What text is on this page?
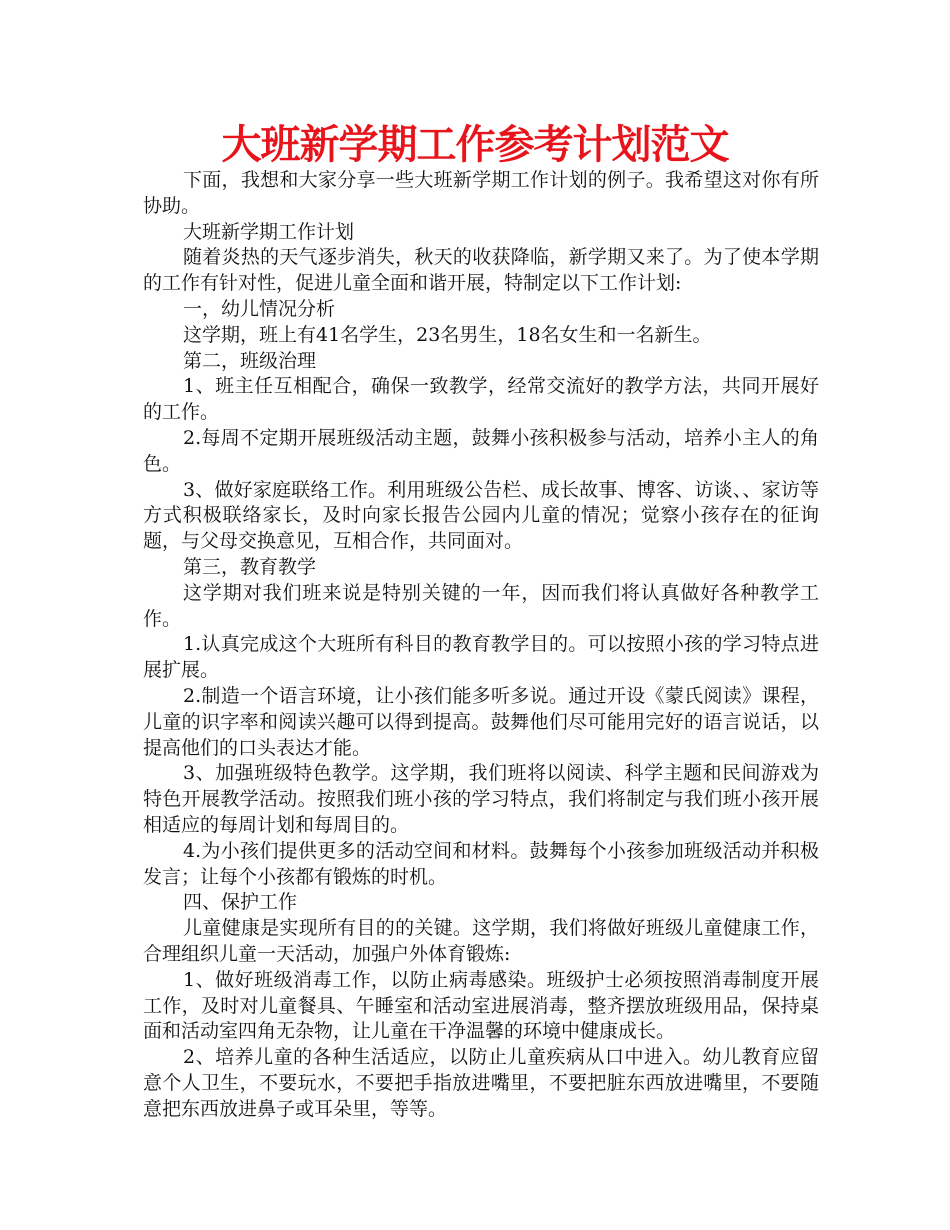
大班新学期工作参考计划范文

下面，我想和大家分享一些大班新学期工作计划的例子。我希望这对你有所协助。

大班新学期工作计划

随着炎热的天气逐步消失，秋天的收获降临，新学期又来了。为了使本学期的工作有针对性，促进儿童全面和谐开展，特制定以下工作计划:

一，幼儿情况分析

这学期，班上有41名学生，23名男生，18名女生和一名新生。

第二，班级治理

1、班主任互相配合，确保一致教学，经常交流好的教学方法，共同开展好的工作。

2.每周不定期开展班级活动主题，鼓舞小孩积极参与活动，培养小主人的角色。

3、做好家庭联络工作。利用班级公告栏、成长故事、博客、访谈、、家访等方式积极联络家长，及时向家长报告公园内儿童的情况；觉察小孩存在的征询题，与父母交换意见，互相合作，共同面对。

第三，教育教学

这学期对我们班来说是特别关键的一年，因而我们将认真做好各种教学工作。

1.认真完成这个大班所有科目的教育教学目的。可以按照小孩的学习特点进展扩展。

2.制造一个语言环境，让小孩们能多听多说。通过开设《蒙氏阅读》课程，儿童的识字率和阅读兴趣可以得到提高。鼓舞他们尽可能用完好的语言说话，以提高他们的口头表达才能。

3、加强班级特色教学。这学期，我们班将以阅读、科学主题和民间游戏为特色开展教学活动。按照我们班小孩的学习特点，我们将制定与我们班小孩开展相适应的每周计划和每周目的。

4.为小孩们提供更多的活动空间和材料。鼓舞每个小孩参加班级活动并积极发言；让每个小孩都有锻炼的时机。

四、保护工作

儿童健康是实现所有目的的关键。这学期，我们将做好班级儿童健康工作，合理组织儿童一天活动，加强户外体育锻炼:

1、做好班级消毒工作，以防止病毒感染。班级护士必须按照消毒制度开展工作，及时对儿童餐具、午睡室和活动室进展消毒，整齐摆放班级用品，保持桌面和活动室四角无杂物，让儿童在干净温馨的环境中健康成长。

2、培养儿童的各种生活适应，以防止儿童疾病从口中进入。幼儿教育应留意个人卫生，不要玩水，不要把手指放进嘴里，不要把脏东西放进嘴里，不要随意把东西放进鼻子或耳朵里，等等。
